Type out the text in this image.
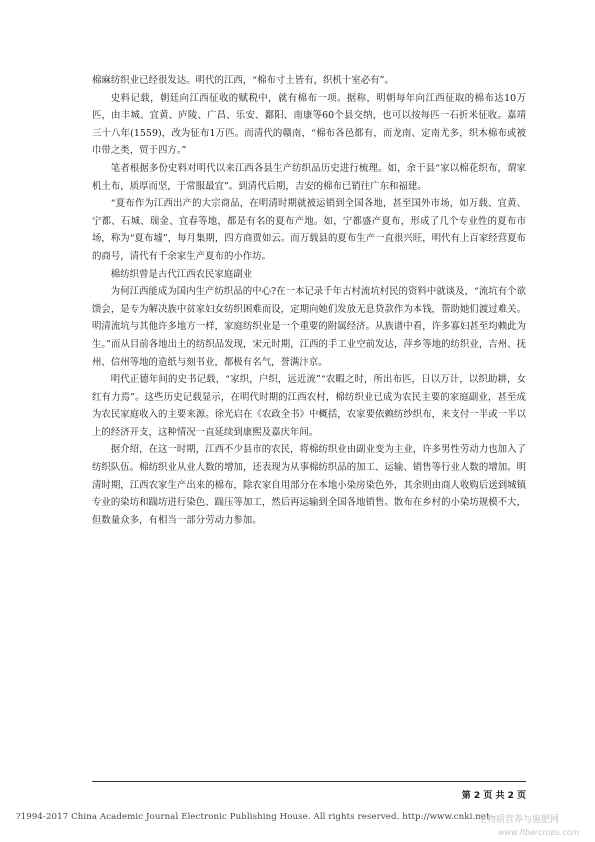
棉麻纺织业已经很发达。明代的江西，“棉布寸土皆有，织机十室必有”。

史料记载，朝廷向江西征收的赋税中，就有棉布一项。据称，明朝每年向江西征取的棉布达10万匹，由丰城、宜黄、庐陵、广昌、乐安、鄱阳、南康等60个县交纳，也可以按每匹一石折米征收。嘉靖三十八年(1559)，改为征布1万匹。而清代的赣南，“棉布各邑都有，而龙南、定南尤多，织木棉布或被巾带之类，贸于四方。”

笔者根据多份史料对明代以来江西各县生产纺织品历史进行梳理。如，余干县“家以棉花织布，谓家机土布，质厚而坚，于常服最宜”。到清代后期，吉安的棉布已销往广东和福建。

“夏布作为江西出产的大宗商品，在明清时期就被运销到全国各地，甚至国外市场，如万载、宜黄、宁都、石城、瑞金、宜春等地，都是有名的夏布产地。如，宁都盛产夏布，形成了几个专业性的夏布市场，称为“夏布墟”，每月集期，四方商贾如云。而万载县的夏布生产一直很兴旺，明代有上百家经营夏布的商号，清代有千余家生产夏布的小作坊。

棉纺织曾是古代江西农民家庭副业

为何江西能成为国内生产纺织品的中心?在一本记录千年古村流坑村民的资料中就谈及，“流坑有个欲馈会，是专为解决族中贫家妇女纺织困难而设，定期向她们发放无息贷款作为本钱，帮助她们渡过难关。明清流坑与其他许多地方一样，家庭纺织业是一个重要的附属经济。从族谱中看，许多寡妇甚至均赖此为生。”而从目前各地出土的纺织品发现，宋元时期，江西的手工业空前发达，萍乡等地的纺织业，吉州、抚州、信州等地的造纸与刻书业，都极有名气，誉满汴京。

明代正德年间的史书记载，“家织，户织，远近流”“农暇之时，所出布匹，日以万计，以织助耕，女红有力焉”。这些历史记载显示，在明代时期的江西农村，棉纺织业已成为农民主要的家庭副业，甚至成为农民家庭收入的主要来源。徐光启在《农政全书》中概括，农家要依赖纺纱织布，来支付一半或一半以上的经济开支，这种情况一直延续到康熙及嘉庆年间。

据介绍，在这一时期，江西不少县市的农民，将棉纺织业由副业变为主业，许多男性劳动力也加入了纺织队伍。棉纺织业从业人数的增加，还表现为从事棉纺织品的加工、运输、销售等行业人数的增加。明清时期，江西农家生产出来的棉布，除农家自用部分在本地小染房染色外，其余则由商人收购后送到城镇专业的染坊和踹坊进行染色、踹压等加工，然后再运输到全国各地销售。散布在乡村的小染坊规模不大，但数量众多，有相当一部分劳动力参加。

第 2 页 共 2 页
?1994-2017 China Academic Journal Electronic Publishing House. All rights reserved. http://www.cnki.net
生物质营养与施肥网
www.fibercrops.com
